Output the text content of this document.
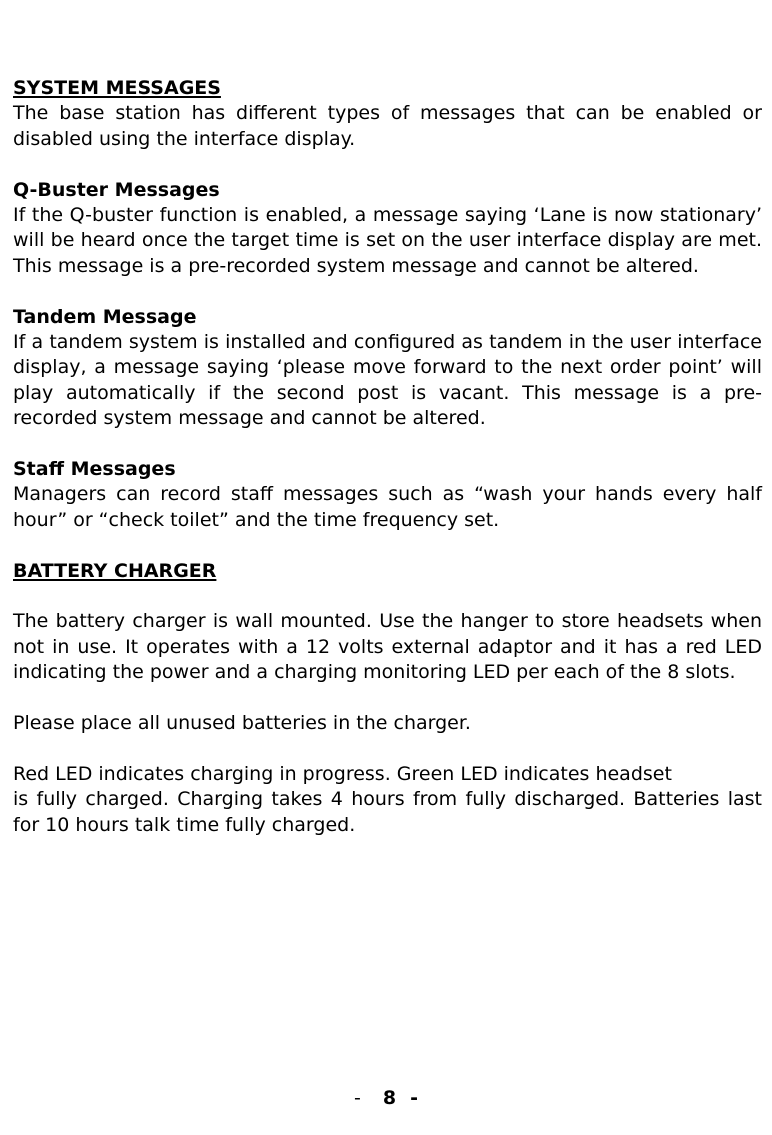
SYSTEM MESSAGES

The base station has different types of messages that can be enabled or disabled using the interface display.

Q-Buster Messages

If the Q-buster function is enabled, a message saying ‘Lane is now stationary’ will be heard once the target time is set on the user interface display are met. This message is a pre-recorded system message and cannot be altered.

Tandem Message

If a tandem system is installed and configured as tandem in the user interface display, a message saying ‘please move forward to the next order point’ will play automatically if the second post is vacant. This message is a pre-recorded system message and cannot be altered.

Staff Messages

Managers can record staff messages such as “wash your hands every half hour” or “check toilet” and the time frequency set.

BATTERY CHARGER

The battery charger is wall mounted. Use the hanger to store headsets when not in use. It operates with a 12 volts external adaptor and it has a red LED indicating the power and a charging monitoring LED per each of the 8 slots.

Please place all unused batteries in the charger.

Red LED indicates charging in progress. Green LED indicates headset

is fully charged. Charging takes 4 hours from fully discharged. Batteries last for 10 hours talk time fully charged.

- 8 -
